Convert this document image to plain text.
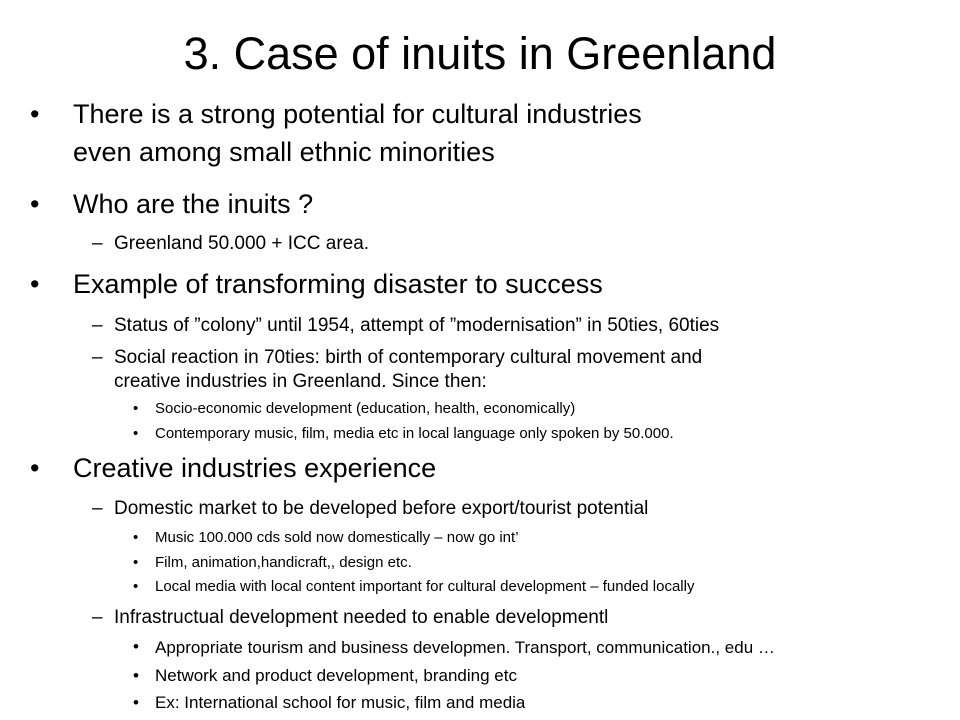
3. Case of inuits in Greenland
• There is a strong potential for cultural industries
even among small ethnic minorities
• Who are the inuits ?
– Greenland 50.000 + ICC area.
• Example of transforming disaster to success
– Status of ”colony” until 1954, attempt of ”modernisation” in 50ties, 60ties
– Social reaction in 70ties: birth of contemporary cultural movement and
creative industries in Greenland. Since then:
• Socio-economic development (education, health, economically)
• Contemporary music, film, media etc in local language only spoken by 50.000.
• Creative industries experience
– Domestic market to be developed before export/tourist potential
• Music 100.000 cds sold now domestically – now go int’
• Film, animation,handicraft,, design etc.
• Local media with local content important for cultural development – funded locally
– Infrastructual development needed to enable developmentl
• Appropriate tourism and business developmen. Transport, communication., edu …
• Network and product development, branding etc
• Ex: International school for music, film and media
